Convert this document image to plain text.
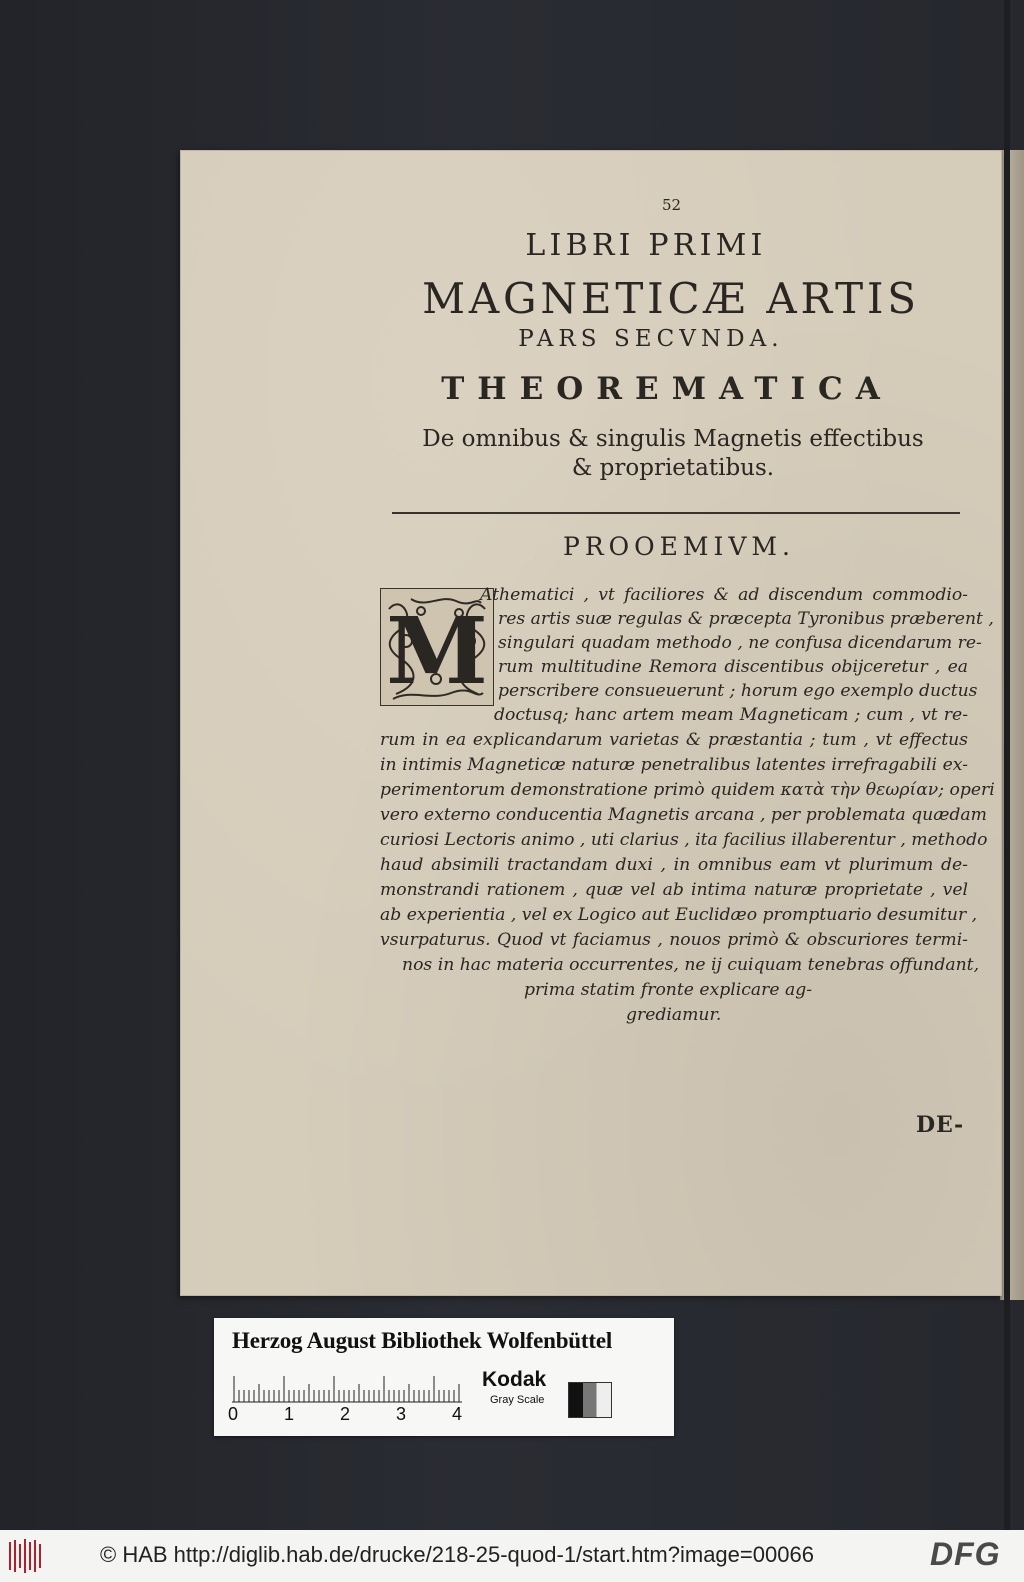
52
LIBRI PRIMI
MAGNETICÆ ARTIS
PARS SECVNDA.
THEOREMATICA
De omnibus & singulis Magnetis effectibus
& proprietatibus.
PROOEMIVM.
M
Athematici , vt faciliores & ad discendum commodio-
res artis suæ regulas & præcepta Tyronibus præberent ,
singulari quadam methodo , ne confusa dicendarum re-
rum multitudine Remora discentibus obijceretur , ea
perscribere consueuerunt ; horum ego exemplo ductus
doctusq; hanc artem meam Magneticam ; cum , vt re-
rum in ea explicandarum varietas & præstantia ; tum , vt effectus
in intimis Magneticæ naturæ penetralibus latentes irrefragabili ex-
perimentorum demonstratione primò quidem κατὰ τὴν θεωρίαν; operi
vero externo conducentia Magnetis arcana , per problemata quædam
curiosi Lectoris animo , uti clarius , ita facilius illaberentur , methodo
haud absimili tractandam duxi , in omnibus eam vt plurimum de-
monstrandi rationem , quæ vel ab intima naturæ proprietate , vel
ab experientia , vel ex Logico aut Euclidæo promptuario desumitur ,
vsurpaturus. Quod vt faciamus , nouos primò & obscuriores termi-
nos in hac materia occurrentes, ne ij cuiquam tenebras offundant,
prima statim fronte explicare ag-
grediamur.
DE-
Herzog August Bibliothek Wolfenbüttel
0	1	2	3	4
Kodak
Gray Scale
© HAB http://diglib.hab.de/drucke/218-25-quod-1/start.htm?image=00066	DFG
